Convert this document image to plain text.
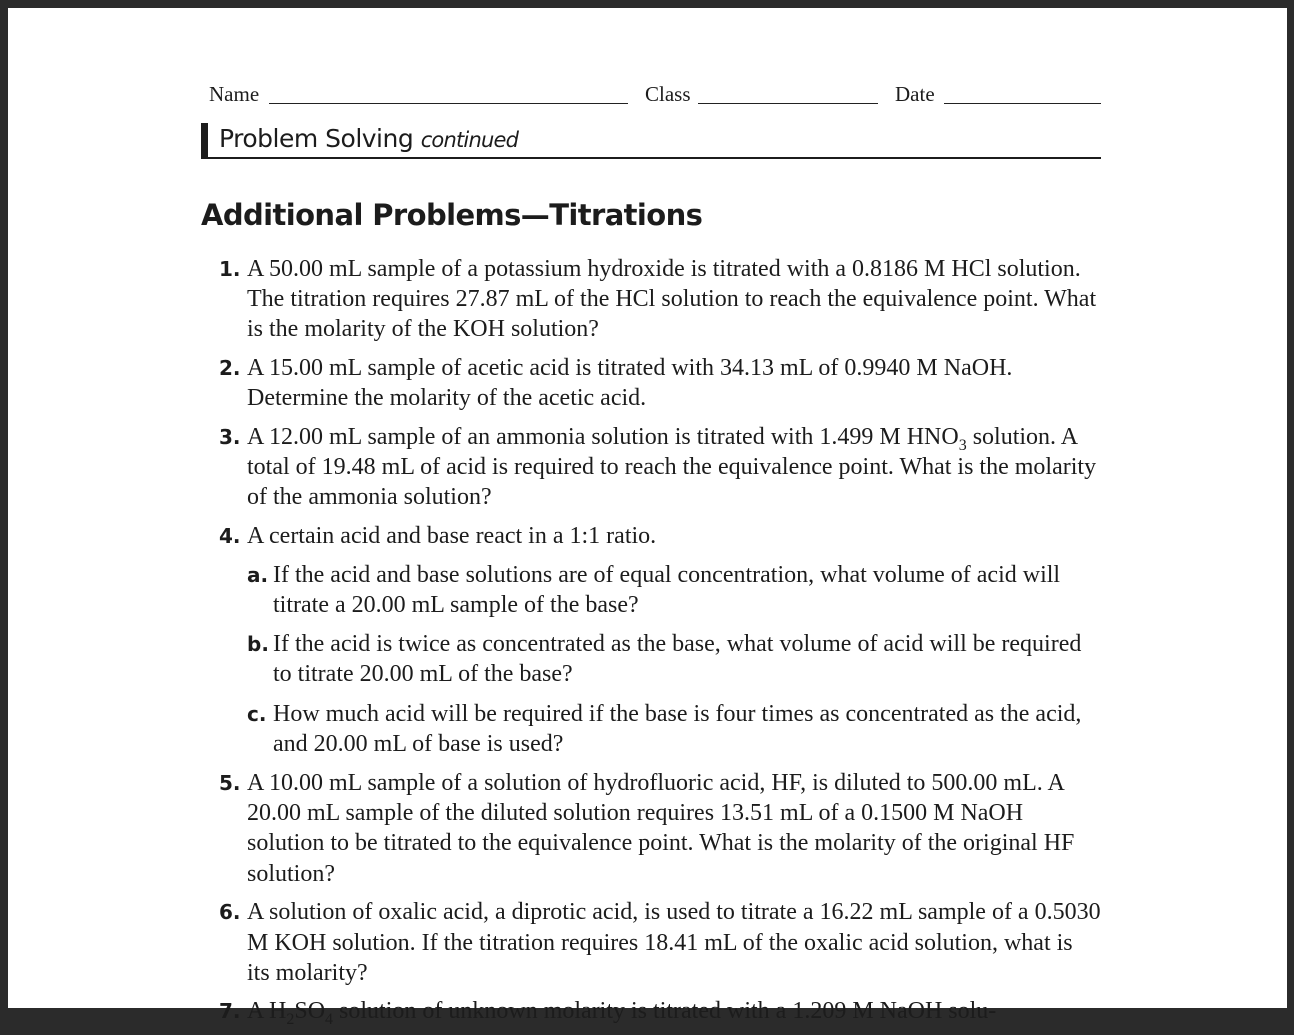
Name	Class	Date
Problem Solving continued
Additional Problems—Titrations
1. A 50.00 mL sample of a potassium hydroxide is titrated with a 0.8186 M HCl solution. The titration requires 27.87 mL of the HCl solution to reach the equivalence point. What is the molarity of the KOH solution?
2. A 15.00 mL sample of acetic acid is titrated with 34.13 mL of 0.9940 M NaOH. Determine the molarity of the acetic acid.
3. A 12.00 mL sample of an ammonia solution is titrated with 1.499 M $HNO_3$ solution. A total of 19.48 mL of acid is required to reach the equivalence point. What is the molarity of the ammonia solution?
4. A certain acid and base react in a 1:1 ratio.
a. If the acid and base solutions are of equal concentration, what volume of acid will titrate a 20.00 mL sample of the base?
b. If the acid is twice as concentrated as the base, what volume of acid will be required to titrate 20.00 mL of the base?
c. How much acid will be required if the base is four times as concentrated as the acid, and 20.00 mL of base is used?
5. A 10.00 mL sample of a solution of hydrofluoric acid, HF, is diluted to 500.00 mL. A 20.00 mL sample of the diluted solution requires 13.51 mL of a 0.1500 M NaOH solution to be titrated to the equivalence point. What is the molarity of the original HF solution?
6. A solution of oxalic acid, a diprotic acid, is used to titrate a 16.22 mL sample of a 0.5030 M KOH solution. If the titration requires 18.41 mL of the oxalic acid solution, what is its molarity?
7. A $H_2SO_4$ solution of unknown molarity is titrated with a 1.209 M NaOH solu-
